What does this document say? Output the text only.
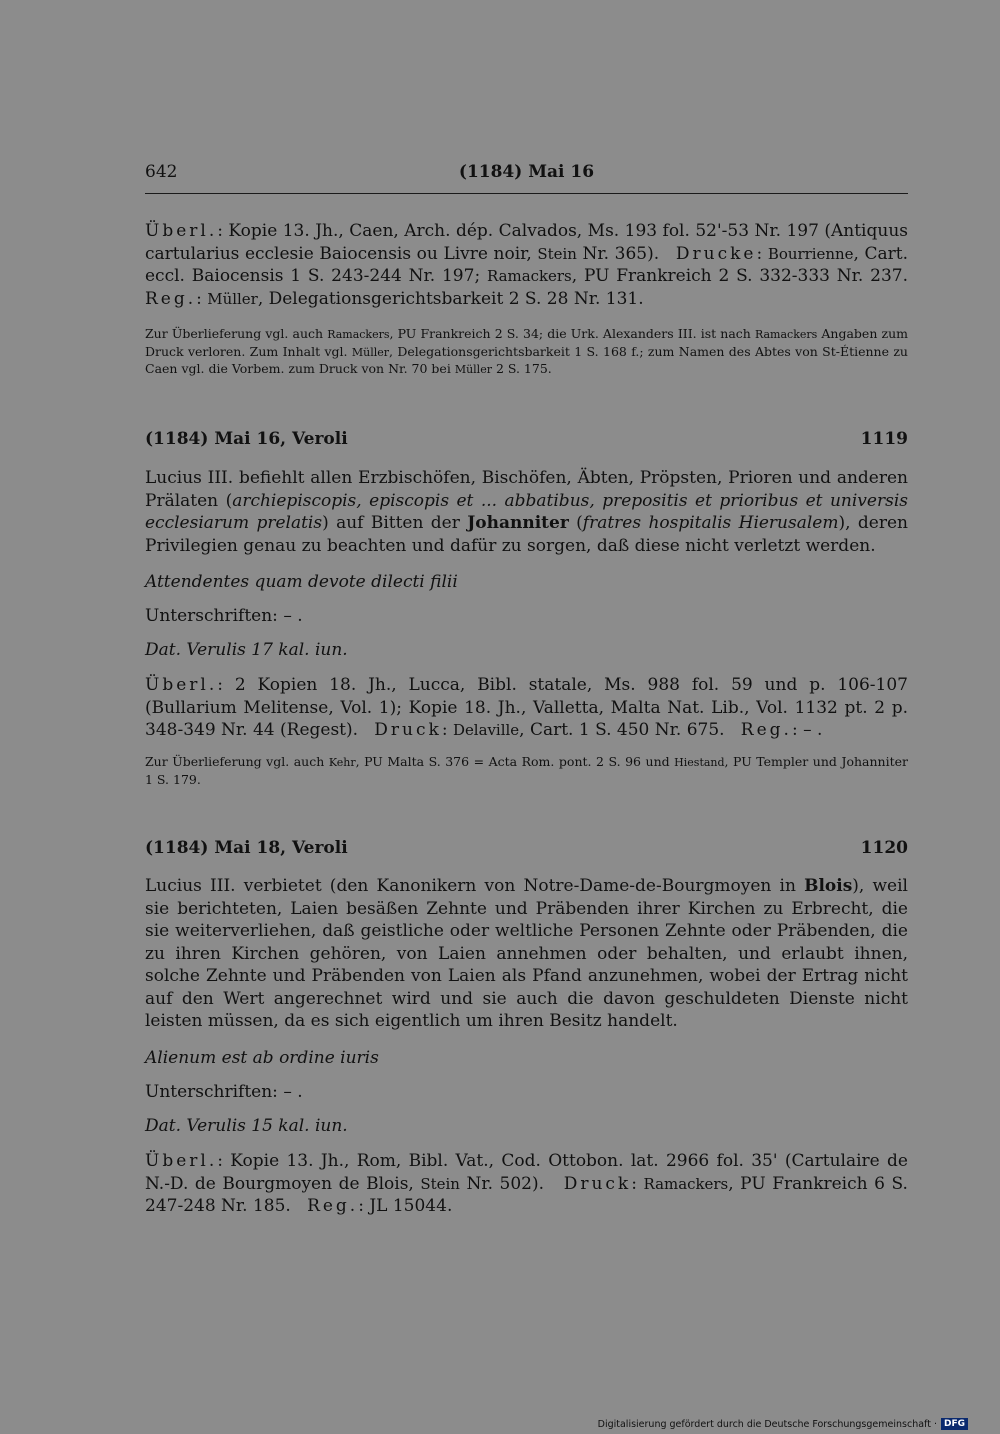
642	(1184) Mai 16
Überl.: Kopie 13. Jh., Caen, Arch. dép. Calvados, Ms. 193 fol. 52'-53 Nr. 197 (Antiquus cartularius ecclesie Baiocensis ou Livre noir, Stein Nr. 365). Drucke: Bourrienne, Cart. eccl. Baiocensis 1 S. 243-244 Nr. 197; Ramackers, PU Frankreich 2 S. 332-333 Nr. 237. Reg.: Müller, Delegationsgerichtsbarkeit 2 S. 28 Nr. 131.
Zur Überlieferung vgl. auch Ramackers, PU Frankreich 2 S. 34; die Urk. Alexanders III. ist nach Ramackers Angaben zum Druck verloren. Zum Inhalt vgl. Müller, Delegationsgerichtsbarkeit 1 S. 168 f.; zum Namen des Abtes von St-Étienne zu Caen vgl. die Vorbem. zum Druck von Nr. 70 bei Müller 2 S. 175.
(1184) Mai 16, Veroli	1119
Lucius III. befiehlt allen Erzbischöfen, Bischöfen, Äbten, Pröpsten, Prioren und anderen Prälaten (archiepiscopis, episcopis et ... abbatibus, prepositis et prioribus et universis ecclesiarum prelatis) auf Bitten der Johanniter (fratres hospitalis Hierusalem), deren Privilegien genau zu beachten und dafür zu sorgen, daß diese nicht verletzt werden.
Attendentes quam devote dilecti filii
Unterschriften: – .
Dat. Verulis 17 kal. iun.
Überl.: 2 Kopien 18. Jh., Lucca, Bibl. statale, Ms. 988 fol. 59 und p. 106-107 (Bullarium Melitense, Vol. 1); Kopie 18. Jh., Valletta, Malta Nat. Lib., Vol. 1132 pt. 2 p. 348-349 Nr. 44 (Regest). Druck: Delaville, Cart. 1 S. 450 Nr. 675. Reg.: – .
Zur Überlieferung vgl. auch Kehr, PU Malta S. 376 = Acta Rom. pont. 2 S. 96 und Hiestand, PU Templer und Johanniter 1 S. 179.
(1184) Mai 18, Veroli	1120
Lucius III. verbietet (den Kanonikern von Notre-Dame-de-Bourgmoyen in Blois), weil sie berichteten, Laien besäßen Zehnte und Präbenden ihrer Kirchen zu Erbrecht, die sie weiterverliehen, daß geistliche oder weltliche Personen Zehnte oder Präbenden, die zu ihren Kirchen gehören, von Laien annehmen oder behalten, und erlaubt ihnen, solche Zehnte und Präbenden von Laien als Pfand anzunehmen, wobei der Ertrag nicht auf den Wert angerechnet wird und sie auch die davon geschuldeten Dienste nicht leisten müssen, da es sich eigentlich um ihren Besitz handelt.
Alienum est ab ordine iuris
Unterschriften: – .
Dat. Verulis 15 kal. iun.
Überl.: Kopie 13. Jh., Rom, Bibl. Vat., Cod. Ottobon. lat. 2966 fol. 35' (Cartulaire de N.-D. de Bourgmoyen de Blois, Stein Nr. 502). Druck: Ramackers, PU Frankreich 6 S. 247-248 Nr. 185. Reg.: JL 15044.
Digitalisierung gefördert durch die Deutsche Forschungsgemeinschaft · DFG
